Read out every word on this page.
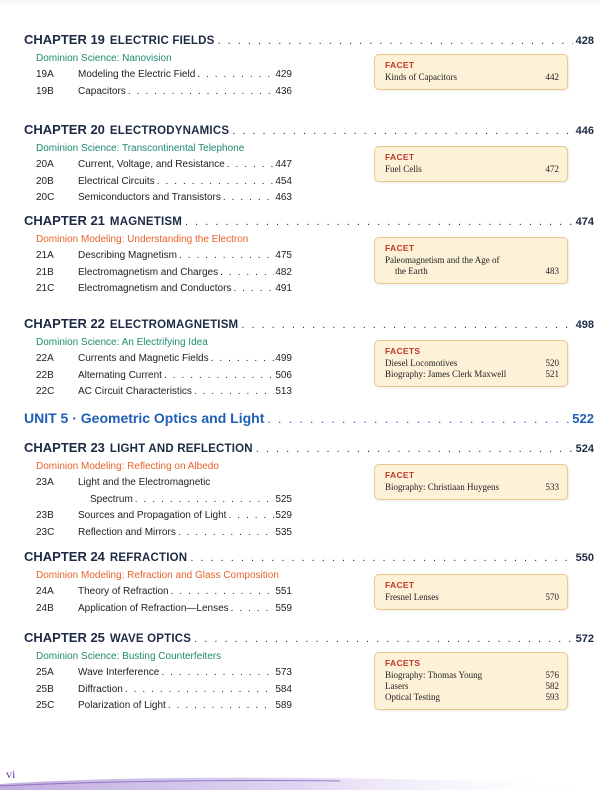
CHAPTER 19 ELECTRIC FIELDS . . .	428
Dominion Science: Nanovision
19A	Modeling the Electric Field . . .	429
19B	Capacitors . . .	436
FACET
Kinds of Capacitors	442
CHAPTER 20 ELECTRODYNAMICS . . .	446
Dominion Science: Transcontinental Telephone
20A	Current, Voltage, and Resistance . . .	447
20B	Electrical Circuits . . .	454
20C	Semiconductors and Transistors . . .	463
FACET
Fuel Cells	472
CHAPTER 21 MAGNETISM . . .	474
Dominion Modeling: Understanding the Electron
21A	Describing Magnetism . . .	475
21B	Electromagnetism and Charges . . .	482
21C	Electromagnetism and Conductors . . .	491
FACET
Paleomagnetism and the Age of
the Earth	483
CHAPTER 22 ELECTROMAGNETISM . . .	498
Dominion Science: An Electrifying Idea
22A	Currents and Magnetic Fields . . .	499
22B	Alternating Current . . .	506
22C	AC Circuit Characteristics . . .	513
FACETS
Diesel Locomotives	520
Biography: James Clerk Maxwell	521
UNIT 5 · Geometric Optics and Light . . .	522
CHAPTER 23 LIGHT AND REFLECTION . . .	524
Dominion Modeling: Reflecting on Albedo
23A	Light and the Electromagnetic
Spectrum . . .	525
23B	Sources and Propagation of Light . . .	529
23C	Reflection and Mirrors . . .	535
FACET
Biography: Christiaan Huygens	533
CHAPTER 24 REFRACTION . . .	550
Dominion Modeling: Refraction and Glass Composition
24A	Theory of Refraction . . .	551
24B	Application of Refraction—Lenses . . .	559
FACET
Fresnel Lenses	570
CHAPTER 25 WAVE OPTICS . . .	572
Dominion Science: Busting Counterfeiters
25A	Wave Interference . . .	573
25B	Diffraction . . .	584
25C	Polarization of Light . . .	589
FACETS
Biography: Thomas Young	576
Lasers	582
Optical Testing	593
vi
